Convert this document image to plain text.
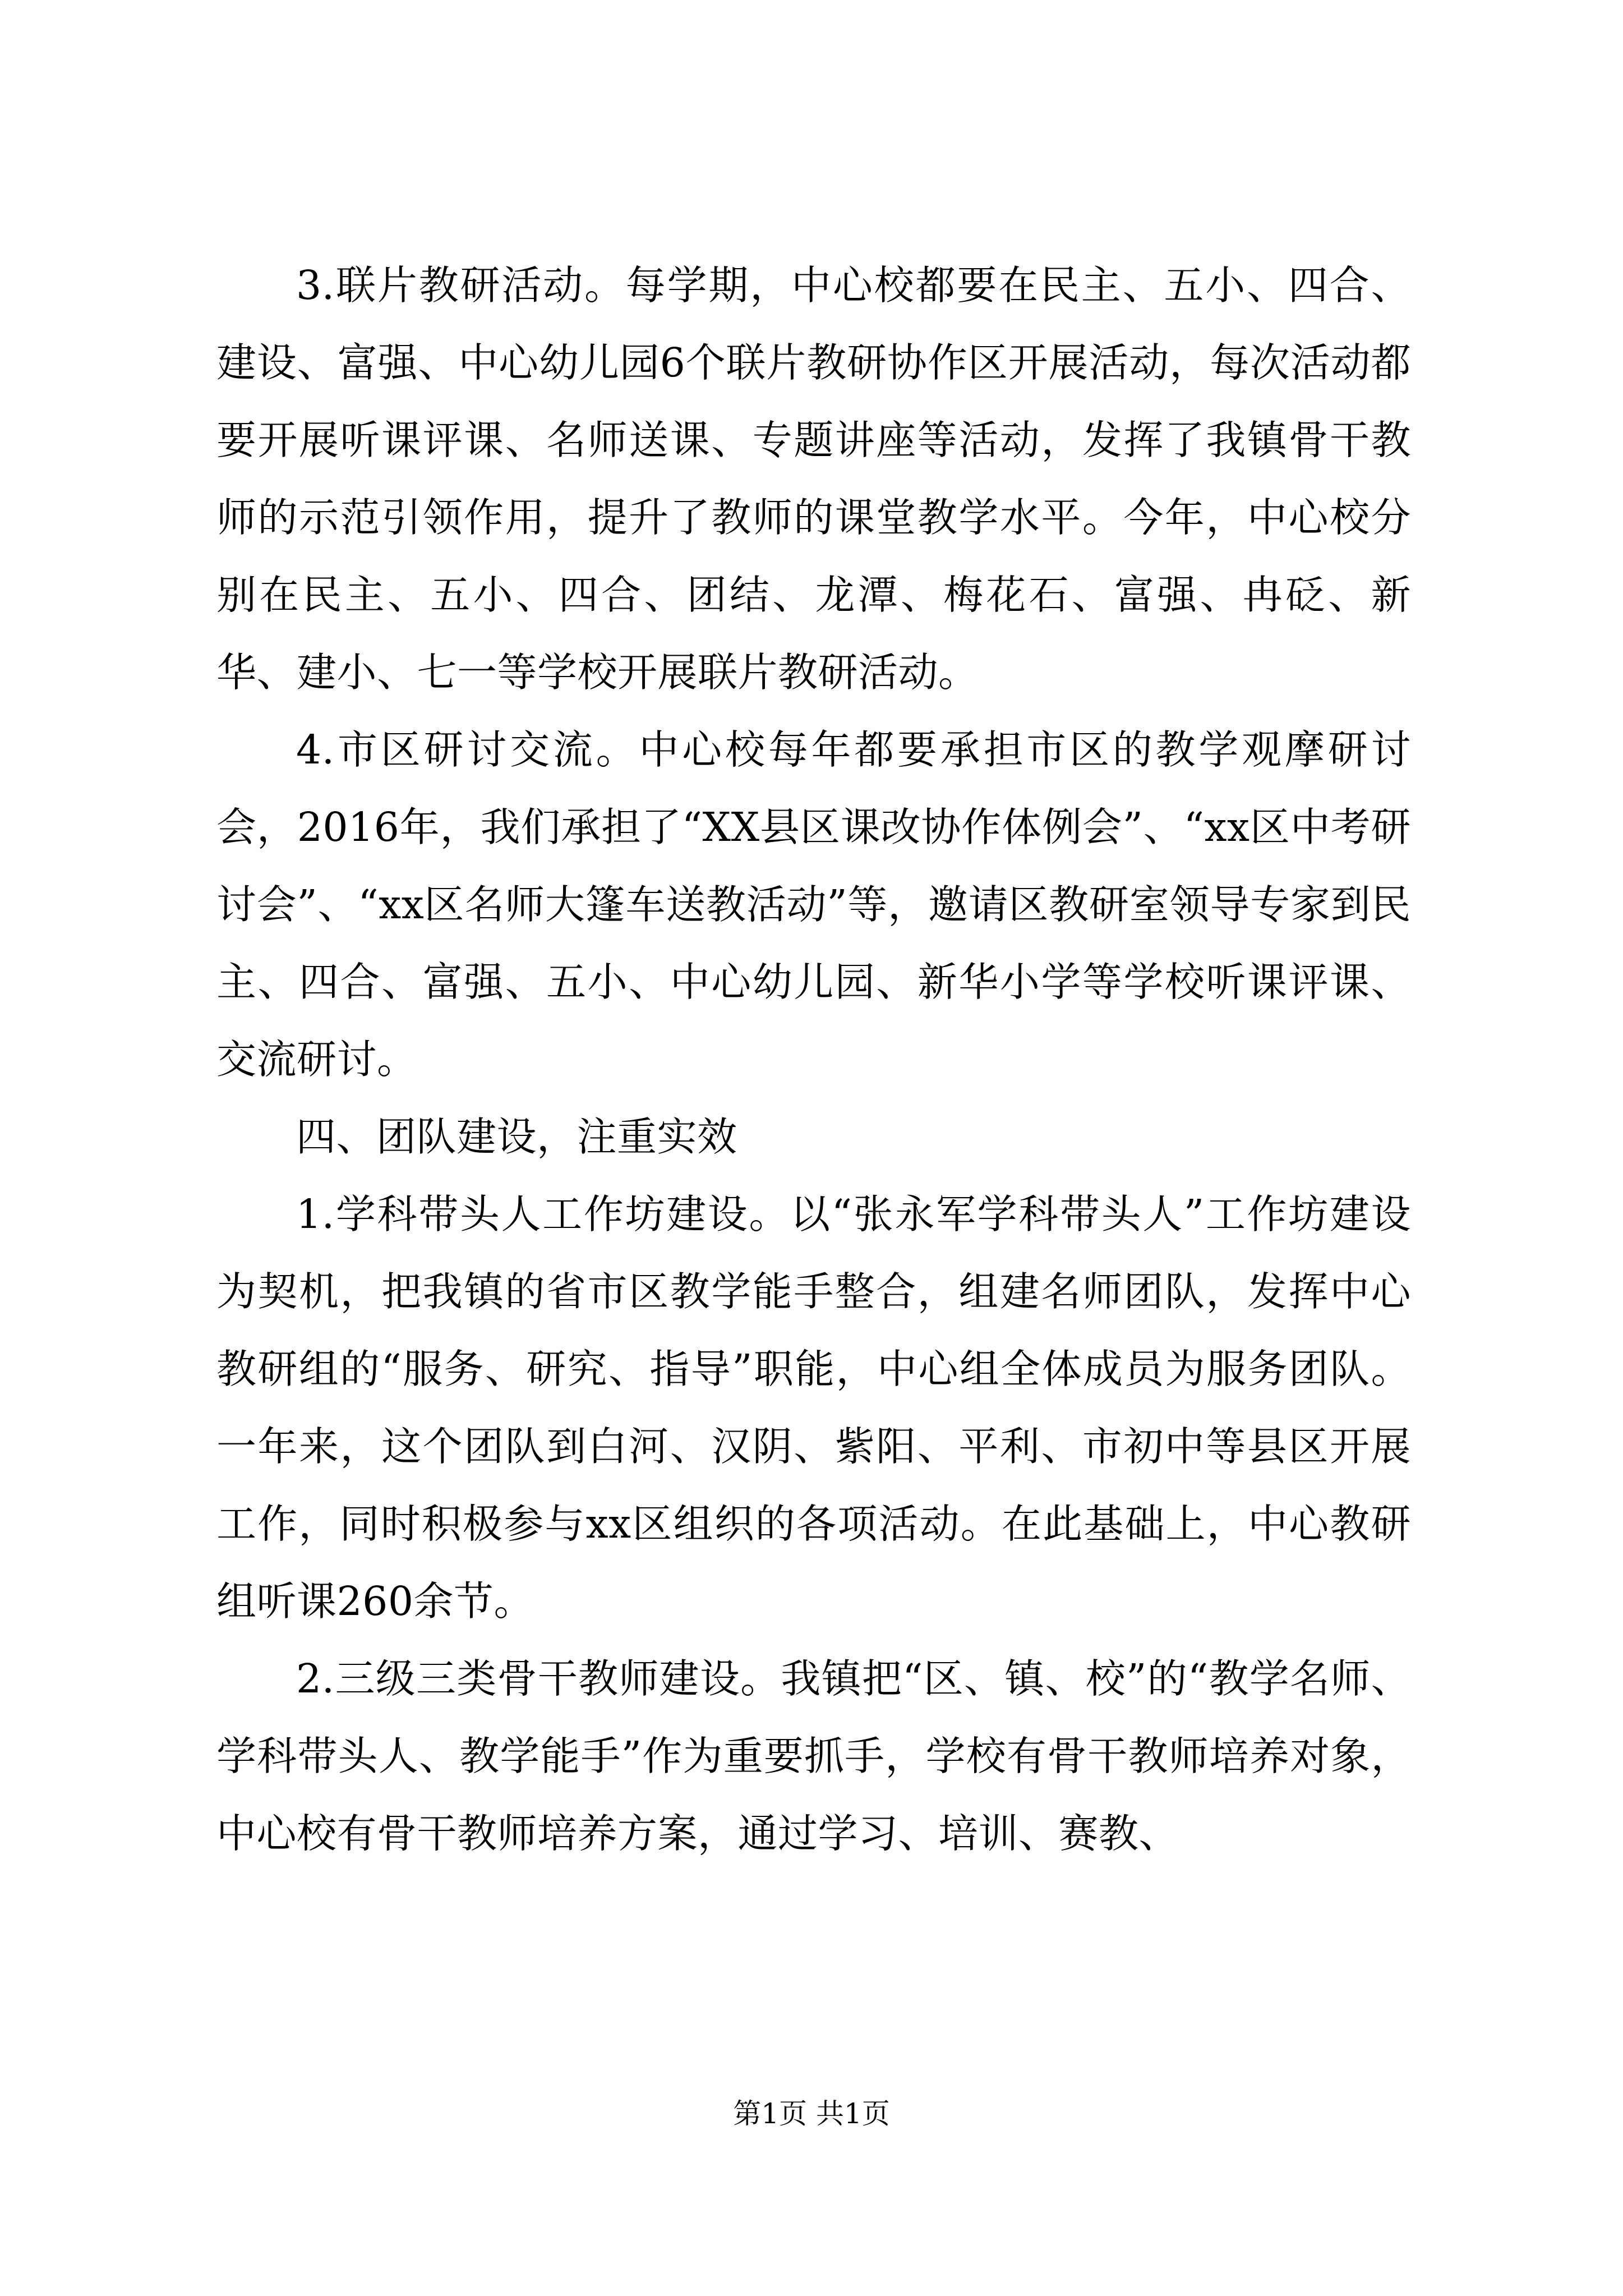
3.联片教研活动。每学期，中心校都要在民主、五小、四合、建设、富强、中心幼儿园6个联片教研协作区开展活动，每次活动都要开展听课评课、名师送课、专题讲座等活动，发挥了我镇骨干教师的示范引领作用，提升了教师的课堂教学水平。今年，中心校分别在民主、五小、四合、团结、龙潭、梅花石、富强、冉砭、新华、建小、七一等学校开展联片教研活动。

4.市区研讨交流。中心校每年都要承担市区的教学观摩研讨会，2016年，我们承担了“XX县区课改协作体例会”、“xx区中考研讨会”、“xx区名师大篷车送教活动”等，邀请区教研室领导专家到民主、四合、富强、五小、中心幼儿园、新华小学等学校听课评课、交流研讨。

四、团队建设，注重实效

1.学科带头人工作坊建设。以“张永军学科带头人”工作坊建设为契机，把我镇的省市区教学能手整合，组建名师团队，发挥中心教研组的“服务、研究、指导”职能，中心组全体成员为服务团队。一年来，这个团队到白河、汉阴、紫阳、平利、市初中等县区开展工作，同时积极参与xx区组织的各项活动。在此基础上，中心教研组听课260余节。

2.三级三类骨干教师建设。我镇把“区、镇、校”的“教学名师、学科带头人、教学能手”作为重要抓手，学校有骨干教师培养对象，中心校有骨干教师培养方案，通过学习、培训、赛教、

第1页 共1页
